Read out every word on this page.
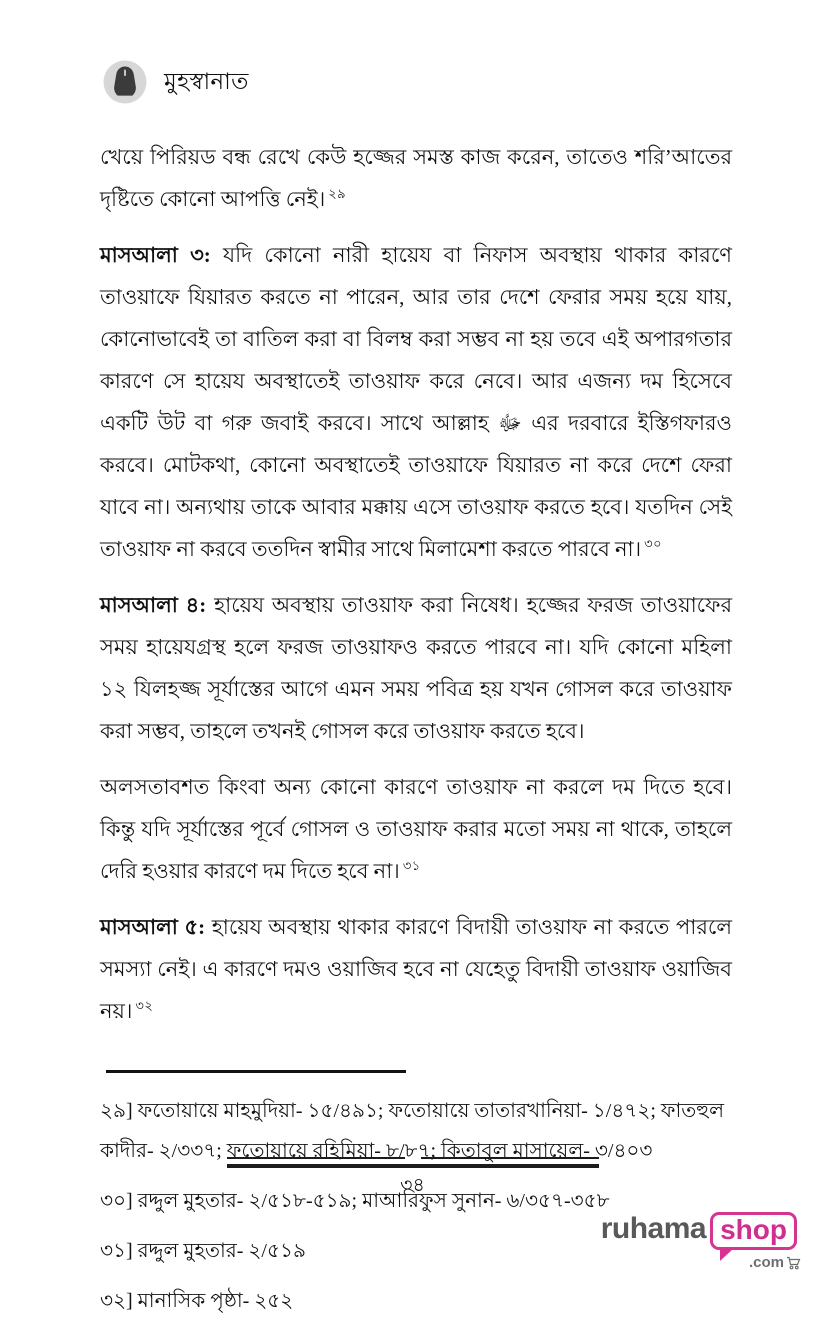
মুহস্বানাত

খেয়ে পিরিয়ড বন্ধ রেখে কেউ হজ্জের সমস্ত কাজ করেন, তাতেও শরি’আতের দৃষ্টিতে কোনো আপত্তি নেই। $^{২৯}$

মাসআলা ৩: যদি কোনো নারী হায়েয বা নিফাস অবস্থায় থাকার কারণে তাওয়াফে যিয়ারত করতে না পারেন, আর তার দেশে ফেরার সময় হয়ে যায়, কোনোভাবেই তা বাতিল করা বা বিলম্ব করা সম্ভব না হয় তবে এই অপারগতার কারণে সে হায়েয অবস্থাতেই তাওয়াফ করে নেবে। আর এজন্য দম হিসেবে একটি উট বা গরু জবাই করবে। সাথে আল্লাহ ﷻ এর দরবারে ইস্তিগফারও করবে। মোটকথা, কোনো অবস্থাতেই তাওয়াফে যিয়ারত না করে দেশে ফেরা যাবে না। অন্যথায় তাকে আবার মক্কায় এসে তাওয়াফ করতে হবে। যতদিন সেই তাওয়াফ না করবে ততদিন স্বামীর সাথে মিলামেশা করতে পারবে না। $^{৩০}$

মাসআলা ৪: হায়েয অবস্থায় তাওয়াফ করা নিষেধ। হজ্জের ফরজ তাওয়াফের সময় হায়েযগ্রস্থ হলে ফরজ তাওয়াফও করতে পারবে না। যদি কোনো মহিলা ১২ যিলহজ্জ সূর্যাস্তের আগে এমন সময় পবিত্র হয় যখন গোসল করে তাওয়াফ করা সম্ভব, তাহলে তখনই গোসল করে তাওয়াফ করতে হবে।

অলসতাবশত কিংবা অন্য কোনো কারণে তাওয়াফ না করলে দম দিতে হবে। কিন্তু যদি সূর্যাস্তের পূর্বে গোসল ও তাওয়াফ করার মতো সময় না থাকে, তাহলে দেরি হওয়ার কারণে দম দিতে হবে না। $^{৩১}$

মাসআলা ৫: হায়েয অবস্থায় থাকার কারণে বিদায়ী তাওয়াফ না করতে পারলে সমস্যা নেই। এ কারণে দমও ওয়াজিব হবে না যেহেতু বিদায়ী তাওয়াফ ওয়াজিব নয়। $^{৩২}$

২৯] ফতোয়ায়ে মাহমুদিয়া- ১৫/৪৯১; ফতোয়ায়ে তাতারখানিয়া- ১/৪৭২; ফাতহুল কাদীর- ২/৩৩৭; ফতোয়ায়ে রহিমিয়া- ৮/৮৭; কিতাবুল মাসায়েল- ৩/৪০৩

৩০] রদ্দুল মুহতার- ২/৫১৮-৫১৯; মাআরিফুস সুনান- ৬/৩৫৭-৩৫৮

৩১] রদ্দুল মুহতার- ২/৫১৯

৩২] মানাসিক পৃষ্ঠা- ২৫২

৩৪
ruhama shop
.com
